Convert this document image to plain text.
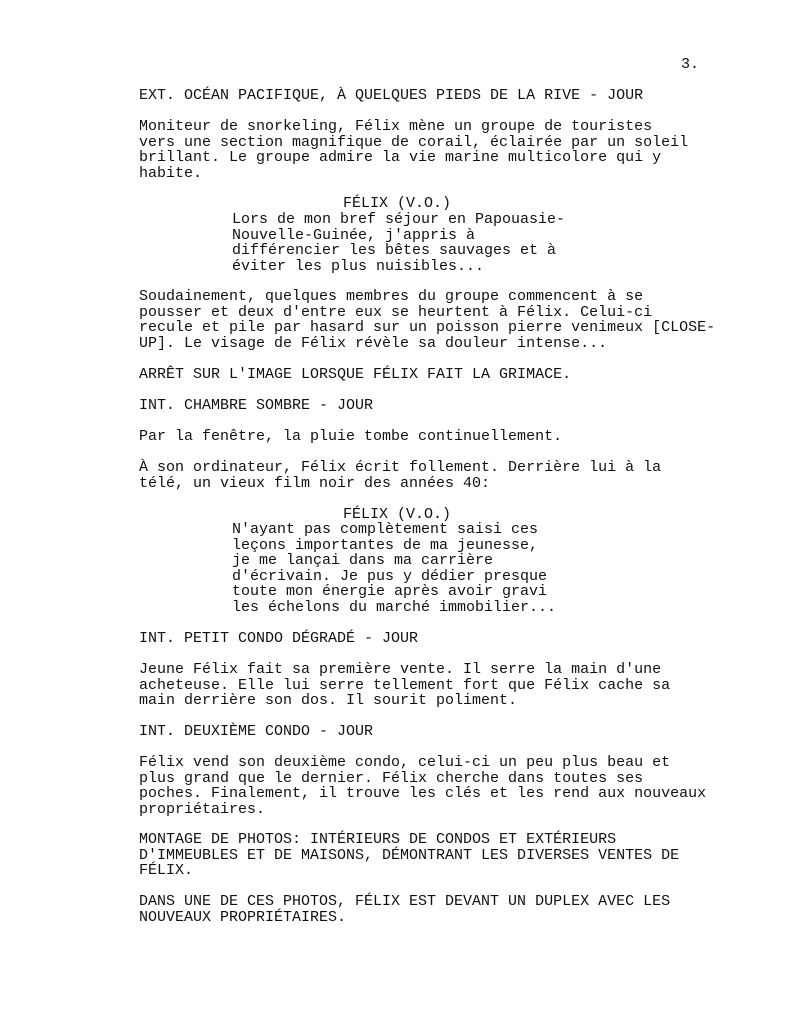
3.
EXT. OCÉAN PACIFIQUE, À QUELQUES PIEDS DE LA RIVE - JOUR
Moniteur de snorkeling, Félix mène un groupe de touristes
vers une section magnifique de corail, éclairée par un soleil
brillant. Le groupe admire la vie marine multicolore qui y
habite.
FÉLIX (V.O.)
Lors de mon bref séjour en Papouasie-
Nouvelle-Guinée, j'appris à
différencier les bêtes sauvages et à
éviter les plus nuisibles...
Soudainement, quelques membres du groupe commencent à se
pousser et deux d'entre eux se heurtent à Félix. Celui-ci
recule et pile par hasard sur un poisson pierre venimeux [CLOSE-
UP]. Le visage de Félix révèle sa douleur intense...
ARRÊT SUR L'IMAGE LORSQUE FÉLIX FAIT LA GRIMACE.
INT. CHAMBRE SOMBRE - JOUR
Par la fenêtre, la pluie tombe continuellement.
À son ordinateur, Félix écrit follement. Derrière lui à la
télé, un vieux film noir des années 40:
FÉLIX (V.O.)
N'ayant pas complètement saisi ces
leçons importantes de ma jeunesse,
je me lançai dans ma carrière
d'écrivain. Je pus y dédier presque
toute mon énergie après avoir gravi
les échelons du marché immobilier...
INT. PETIT CONDO DÉGRADÉ - JOUR
Jeune Félix fait sa première vente. Il serre la main d'une
acheteuse. Elle lui serre tellement fort que Félix cache sa
main derrière son dos. Il sourit poliment.
INT. DEUXIÈME CONDO - JOUR
Félix vend son deuxième condo, celui-ci un peu plus beau et
plus grand que le dernier. Félix cherche dans toutes ses
poches. Finalement, il trouve les clés et les rend aux nouveaux
propriétaires.
MONTAGE DE PHOTOS: INTÉRIEURS DE CONDOS ET EXTÉRIEURS
D'IMMEUBLES ET DE MAISONS, DÉMONTRANT LES DIVERSES VENTES DE
FÉLIX.
DANS UNE DE CES PHOTOS, FÉLIX EST DEVANT UN DUPLEX AVEC LES
NOUVEAUX PROPRIÉTAIRES.
